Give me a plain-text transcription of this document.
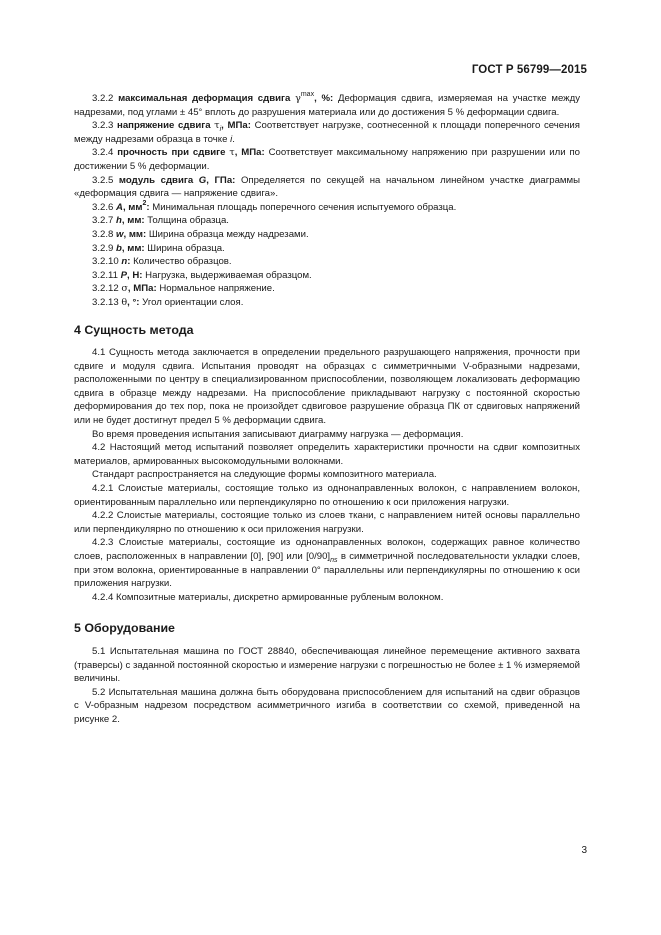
ГОСТ Р 56799—2015

3.2.2 максимальная деформация сдвига $\gamma^{max}$, %: Деформация сдвига, измеряемая на участке между надрезами, под углами ± 45° вплоть до разрушения материала или до достижения 5 % деформации сдвига.

3.2.3 напряжение сдвига $\tau_i$, МПа: Соответствует нагрузке, соотнесенной к площади поперечного сечения между надрезами образца в точке i.

3.2.4 прочность при сдвиге τ, МПа: Соответствует максимальному напряжению при разрушении или по достижении 5 % деформации.

3.2.5 модуль сдвига G, ГПа: Определяется по секущей на начальном линейном участке диаграммы «деформация сдвига — напряжение сдвига».

3.2.6 A, $мм^2$: Минимальная площадь поперечного сечения испытуемого образца.

3.2.7 h, мм: Толщина образца.

3.2.8 w, мм: Ширина образца между надрезами.

3.2.9 b, мм: Ширина образца.

3.2.10 n: Количество образцов.

3.2.11 P, Н: Нагрузка, выдерживаемая образцом.

3.2.12 σ, МПа: Нормальное напряжение.

3.2.13 θ, °: Угол ориентации слоя.

4 Сущность метода

4.1 Сущность метода заключается в определении предельного разрушающего напряжения, прочности при сдвиге и модуля сдвига. Испытания проводят на образцах с симметричными V-образными надрезами, расположенными по центру в специализированном приспособлении, позволяющем локализовать деформацию сдвига в образце между надрезами. На приспособление прикладывают нагрузку с постоянной скоростью деформирования до тех пор, пока не произойдет сдвиговое разрушение образца ПК от сдвиговых напряжений или не будет достигнут предел 5 % деформации сдвига.

Во время проведения испытания записывают диаграмму нагрузка — деформация.

4.2 Настоящий метод испытаний позволяет определить характеристики прочности на сдвиг композитных материалов, армированных высокомодульными волокнами.

Стандарт распространяется на следующие формы композитного материала.

4.2.1 Слоистые материалы, состоящие только из однонаправленных волокон, с направлением волокон, ориентированным параллельно или перпендикулярно по отношению к оси приложения нагрузки.

4.2.2 Слоистые материалы, состоящие только из слоев ткани, с направлением нитей основы параллельно или перпендикулярно по отношению к оси приложения нагрузки.

4.2.3 Слоистые материалы, состоящие из однонаправленных волокон, содержащих равное количество слоев, расположенных в направлении [0], [90] или $[0/90]_{ns}$ в симметричной последовательности укладки слоев, при этом волокна, ориентированные в направлении 0° параллельны или перпендикулярны по отношению к оси приложения нагрузки.

4.2.4 Композитные материалы, дискретно армированные рубленым волокном.

5 Оборудование

5.1 Испытательная машина по ГОСТ 28840, обеспечивающая линейное перемещение активного захвата (траверсы) с заданной постоянной скоростью и измерение нагрузки с погрешностью не более ± 1 % измеряемой величины.

5.2 Испытательная машина должна быть оборудована приспособлением для испытаний на сдвиг образцов с V-образным надрезом посредством асимметричного изгиба в соответствии со схемой, приведенной на рисунке 2.

3
